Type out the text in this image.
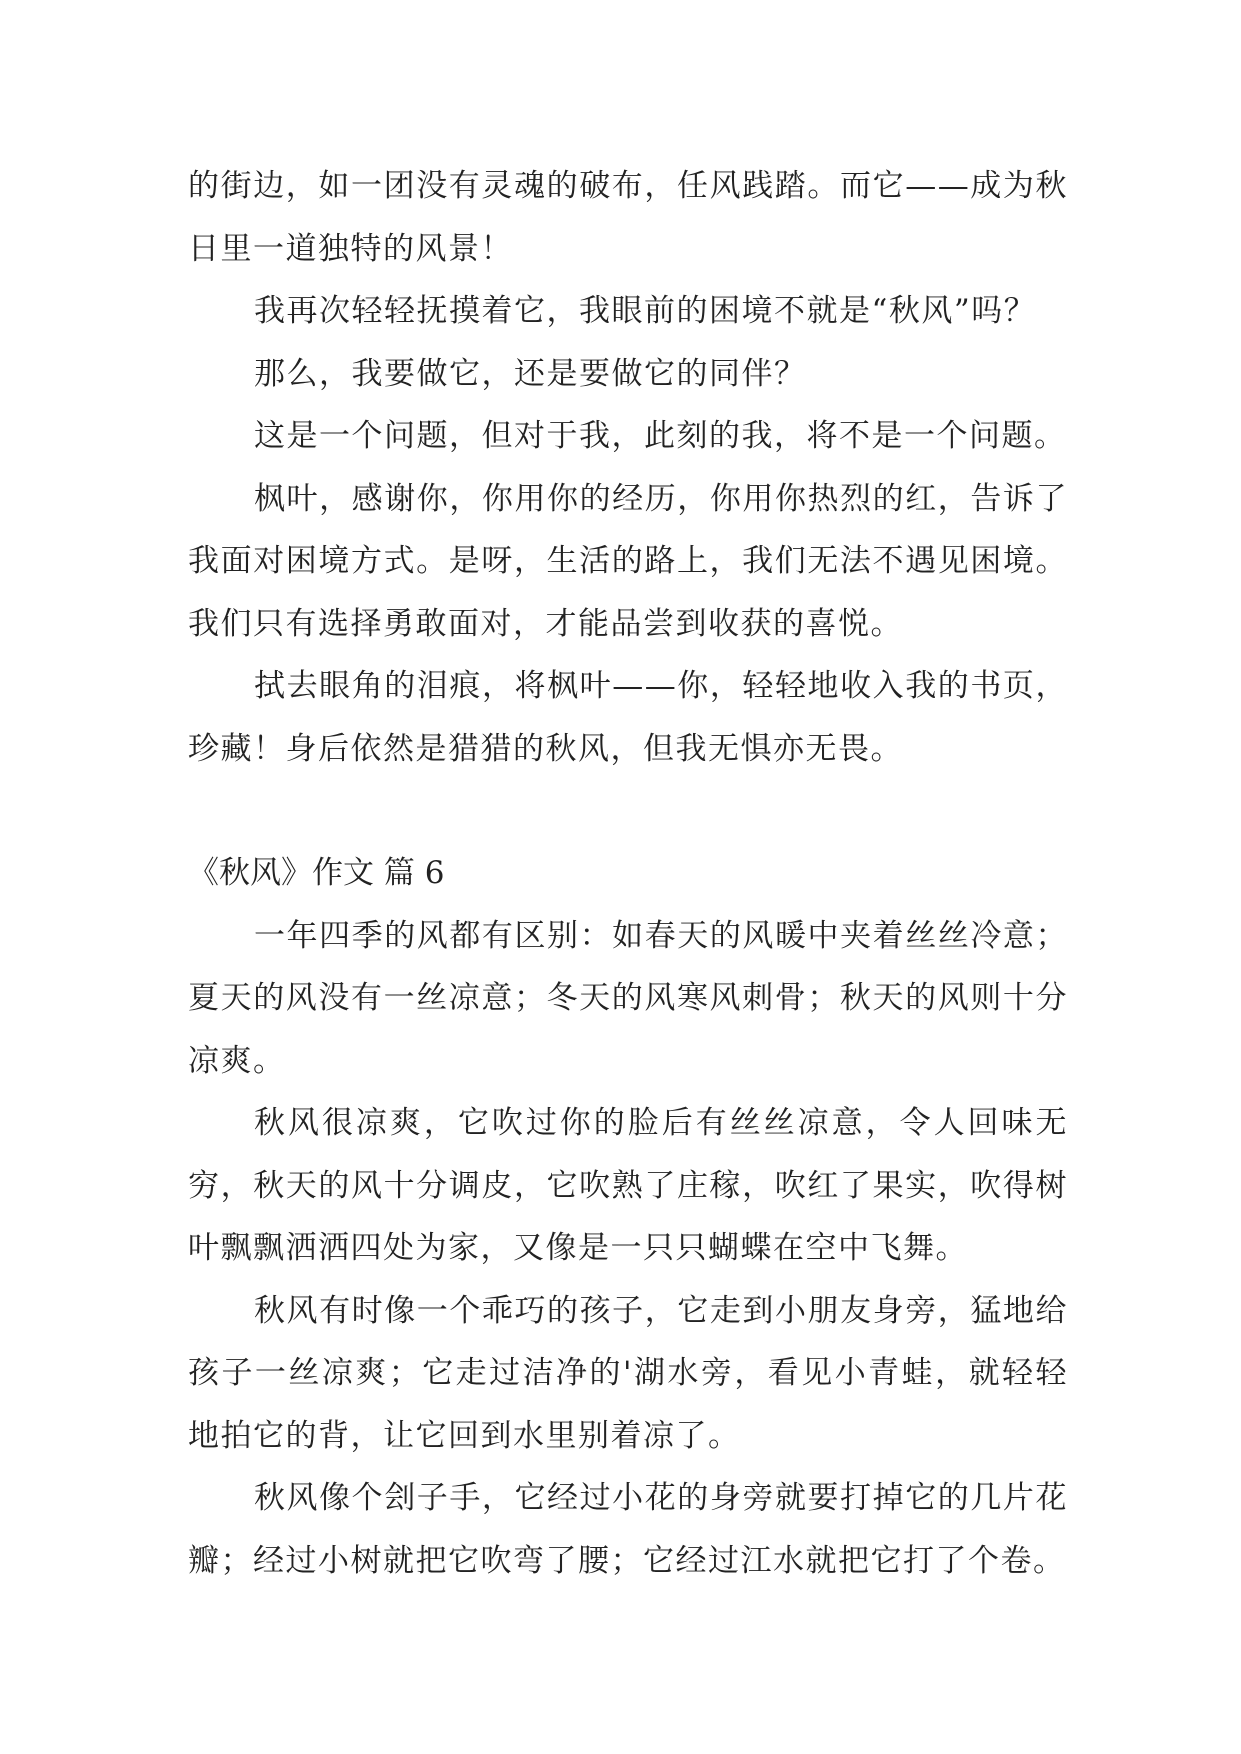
的街边，如一团没有灵魂的破布，任风践踏。而它——成为秋日里一道独特的风景！

我再次轻轻抚摸着它，我眼前的困境不就是“秋风”吗？

那么，我要做它，还是要做它的同伴？

这是一个问题，但对于我，此刻的我，将不是一个问题。

枫叶，感谢你，你用你的经历，你用你热烈的红，告诉了我面对困境方式。是呀，生活的路上，我们无法不遇见困境。我们只有选择勇敢面对，才能品尝到收获的喜悦。

拭去眼角的泪痕，将枫叶——你，轻轻地收入我的书页，珍藏！身后依然是猎猎的秋风，但我无惧亦无畏。

《秋风》作文 篇 6

一年四季的风都有区别：如春天的风暖中夹着丝丝冷意；夏天的风没有一丝凉意；冬天的风寒风刺骨；秋天的风则十分凉爽。

秋风很凉爽，它吹过你的脸后有丝丝凉意，令人回味无穷，秋天的风十分调皮，它吹熟了庄稼，吹红了果实，吹得树叶飘飘洒洒四处为家，又像是一只只蝴蝶在空中飞舞。

秋风有时像一个乖巧的孩子，它走到小朋友身旁，猛地给孩子一丝凉爽；它走过洁净的'湖水旁，看见小青蛙，就轻轻地拍它的背，让它回到水里别着凉了。

秋风像个刽子手，它经过小花的身旁就要打掉它的几片花瓣；经过小树就把它吹弯了腰；它经过江水就把它打了个卷。
